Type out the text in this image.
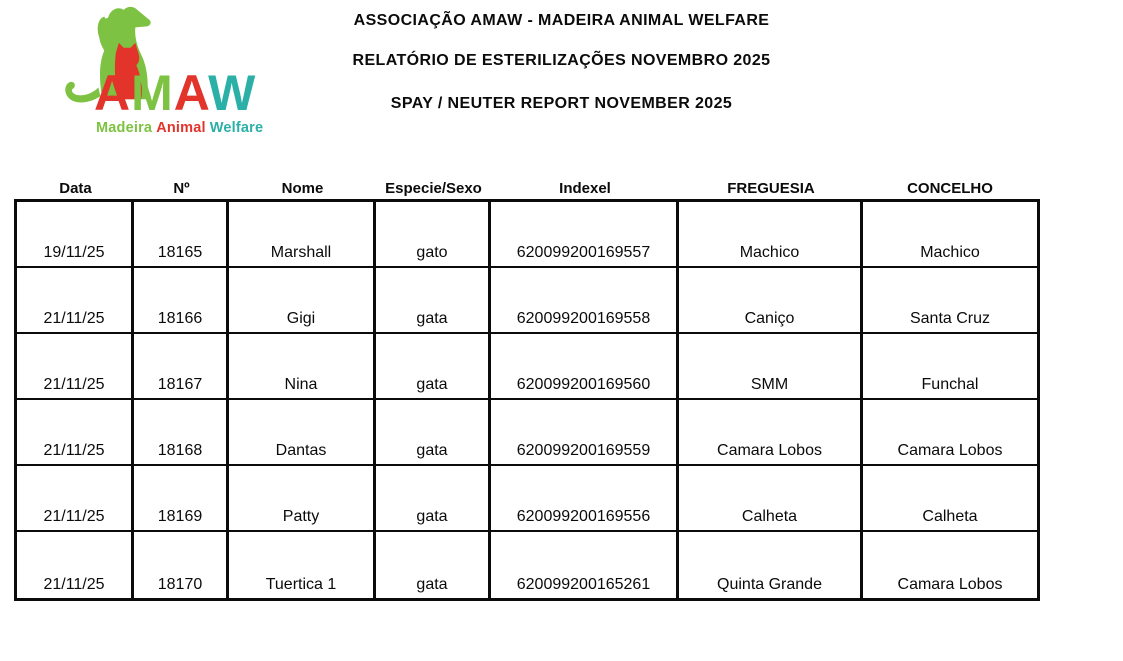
AMAW
Madeira Animal Welfare
ASSOCIAÇÃO AMAW - MADEIRA ANIMAL WELFARE
RELATÓRIO DE ESTERILIZAÇÕES NOVEMBRO 2025
SPAY / NEUTER REPORT NOVEMBER 2025
Data	Nº	Nome	Especie/Sexo	Indexel	FREGUESIA	CONCELHO
19/11/25	18165	Marshall	gato	620099200169557	Machico	Machico
21/11/25	18166	Gigi	gata	620099200169558	Caniço	Santa Cruz
21/11/25	18167	Nina	gata	620099200169560	SMM	Funchal
21/11/25	18168	Dantas	gata	620099200169559	Camara Lobos	Camara Lobos
21/11/25	18169	Patty	gata	620099200169556	Calheta	Calheta
21/11/25	18170	Tuertica 1	gata	620099200165261	Quinta Grande	Camara Lobos
